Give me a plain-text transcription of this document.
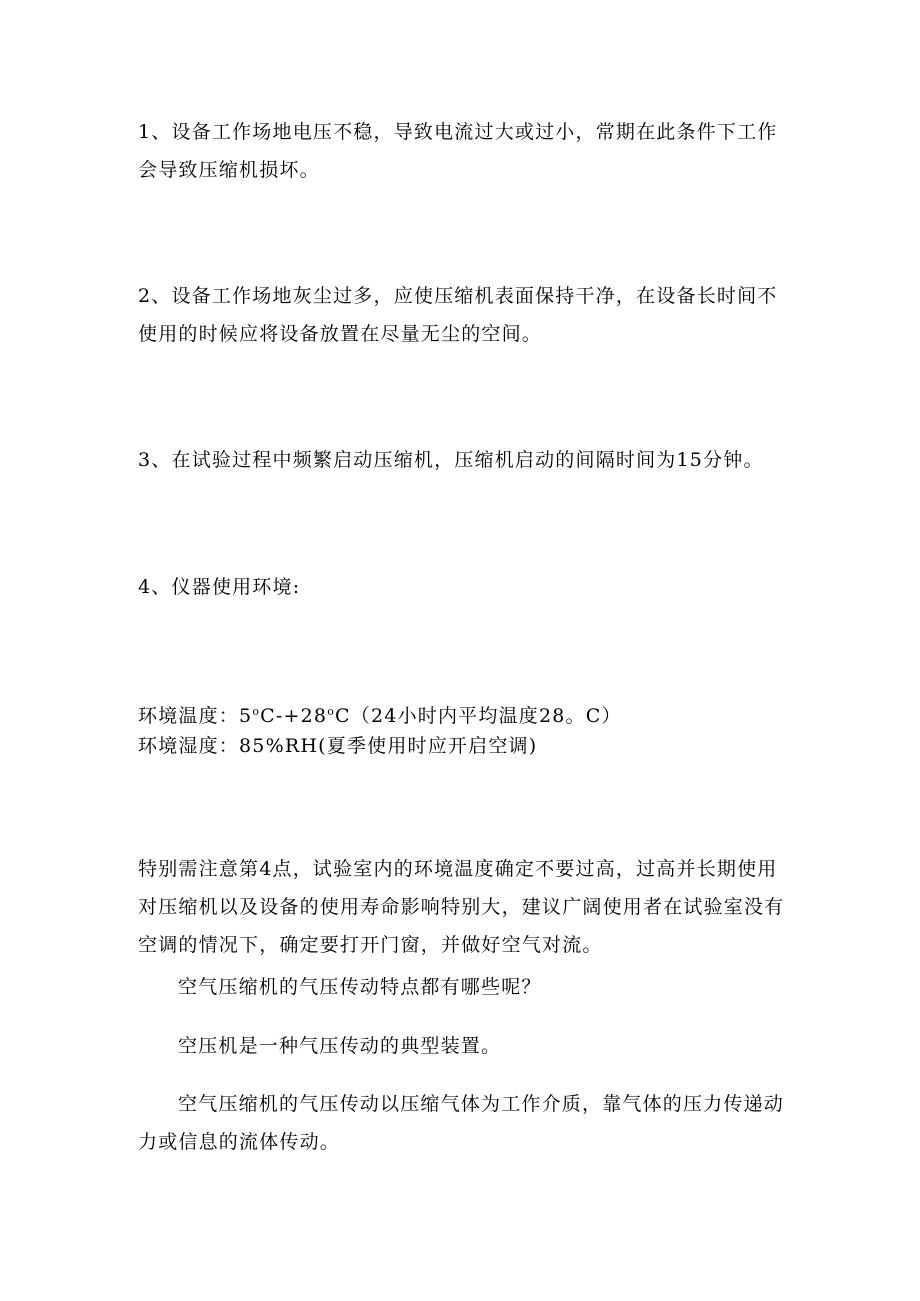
1、设备工作场地电压不稳，导致电流过大或过小，常期在此条件下工作会导致压缩机损坏。

2、设备工作场地灰尘过多，应使压缩机表面保持干净，在设备长时间不使用的时候应将设备放置在尽量无尘的空间。

3、在试验过程中频繁启动压缩机，压缩机启动的间隔时间为15分钟。

4、仪器使用环境:

环境温度：$5^oC-+28^oC(24$小时内平均温度28。C）

环境湿度：85%RH(夏季使用时应开启空调)

特别需注意第4点，试验室内的环境温度确定不要过高，过高并长期使用对压缩机以及设备的使用寿命影响特别大，建议广阔使用者在试验室没有空调的情况下，确定要打开门窗，并做好空气对流。

空气压缩机的气压传动特点都有哪些呢？

空压机是一种气压传动的典型装置。

空气压缩机的气压传动以压缩气体为工作介质，靠气体的压力传递动力或信息的流体传动。
